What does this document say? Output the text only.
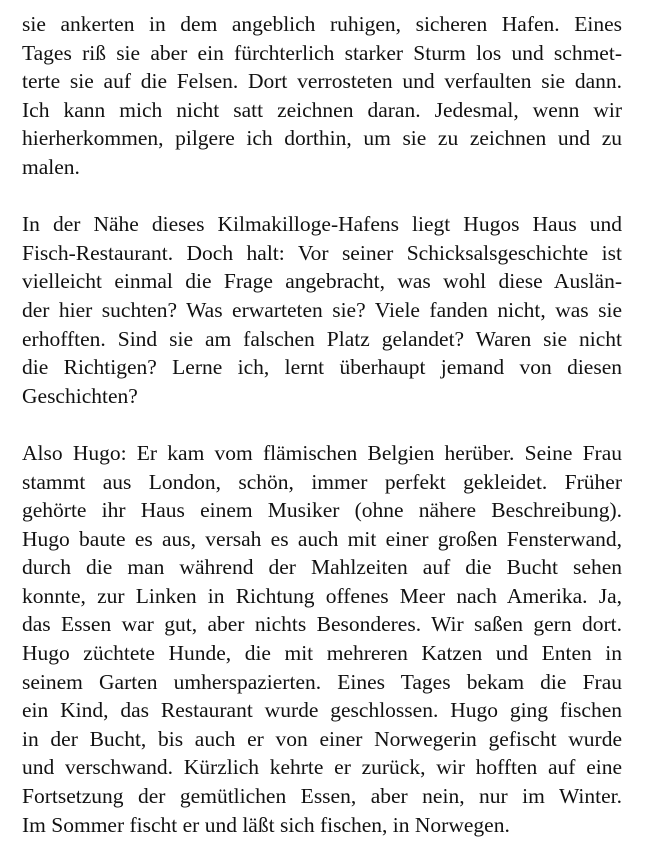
sie ankerten in dem angeblich ruhigen, sicheren Hafen. Eines
Tages riß sie aber ein fürchterlich starker Sturm los und schmet-
terte sie auf die Felsen. Dort verrosteten und verfaulten sie dann.
Ich kann mich nicht satt zeichnen daran. Jedesmal, wenn wir
hierherkommen, pilgere ich dorthin, um sie zu zeichnen und zu
malen.

In der Nähe dieses Kilmakilloge-Hafens liegt Hugos Haus und
Fisch-Restaurant. Doch halt: Vor seiner Schicksalsgeschichte ist
vielleicht einmal die Frage angebracht, was wohl diese Auslän-
der hier suchten? Was erwarteten sie? Viele fanden nicht, was sie
erhofften. Sind sie am falschen Platz gelandet? Waren sie nicht
die Richtigen? Lerne ich, lernt überhaupt jemand von diesen
Geschichten?

Also Hugo: Er kam vom flämischen Belgien herüber. Seine Frau
stammt aus London, schön, immer perfekt gekleidet. Früher
gehörte ihr Haus einem Musiker (ohne nähere Beschreibung).
Hugo baute es aus, versah es auch mit einer großen Fensterwand,
durch die man während der Mahlzeiten auf die Bucht sehen
konnte, zur Linken in Richtung offenes Meer nach Amerika. Ja,
das Essen war gut, aber nichts Besonderes. Wir saßen gern dort.
Hugo züchtete Hunde, die mit mehreren Katzen und Enten in
seinem Garten umherspazierten. Eines Tages bekam die Frau
ein Kind, das Restaurant wurde geschlossen. Hugo ging fischen
in der Bucht, bis auch er von einer Norwegerin gefischt wurde
und verschwand. Kürzlich kehrte er zurück, wir hofften auf eine
Fortsetzung der gemütlichen Essen, aber nein, nur im Winter.
Im Sommer fischt er und läßt sich fischen, in Norwegen.
